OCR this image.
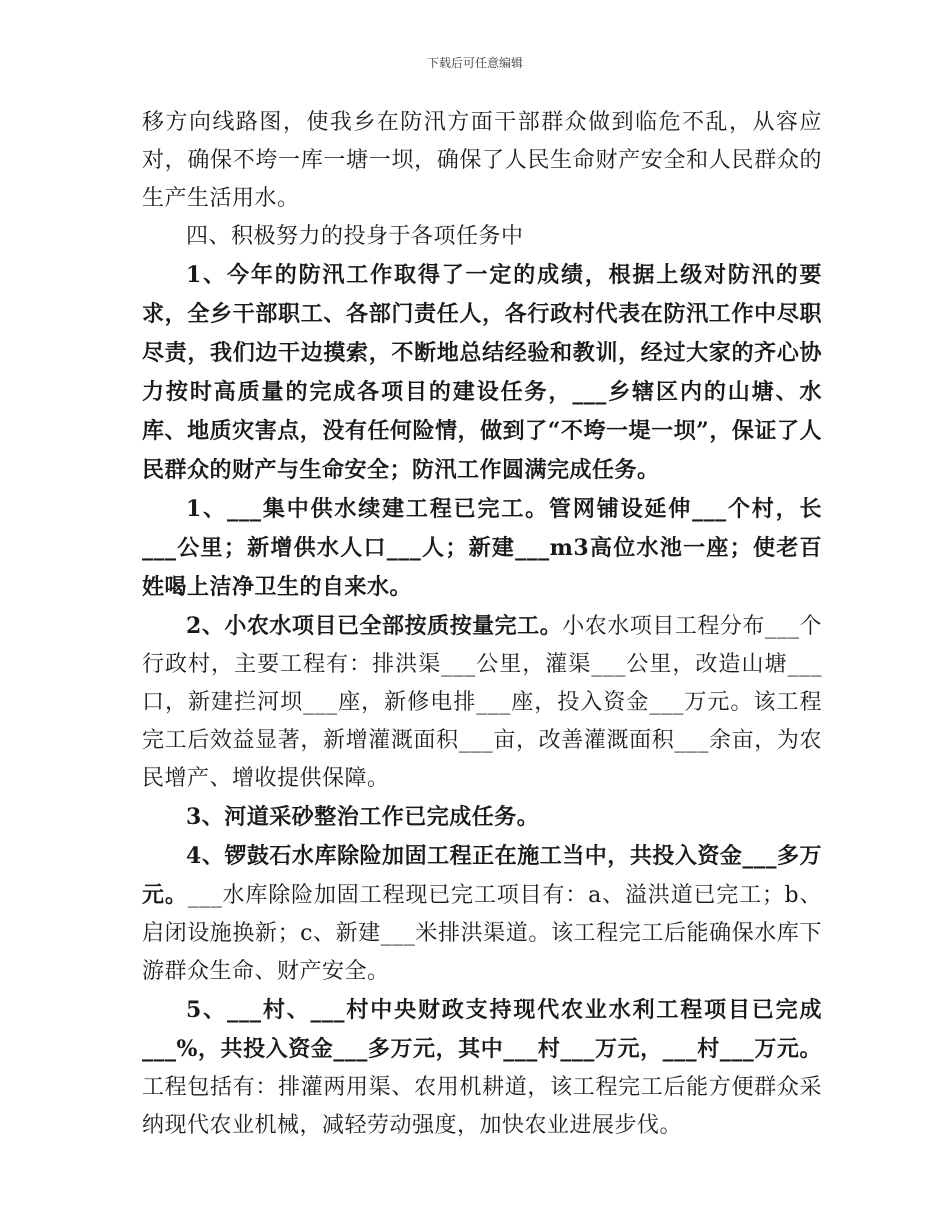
下载后可任意编辑

移方向线路图，使我乡在防汛方面干部群众做到临危不乱，从容应对，确保不垮一库一塘一坝，确保了人民生命财产安全和人民群众的生产生活用水。

四、积极努力的投身于各项任务中

1、今年的防汛工作取得了一定的成绩，根据上级对防汛的要求，全乡干部职工、各部门责任人，各行政村代表在防汛工作中尽职尽责，我们边干边摸索，不断地总结经验和教训，经过大家的齐心协力按时高质量的完成各项目的建设任务，___乡辖区内的山塘、水库、地质灾害点，没有任何险情，做到了“不垮一堤一坝”，保证了人民群众的财产与生命安全；防汛工作圆满完成任务。

1、___集中供水续建工程已完工。管网铺设延伸___个村，长___公里；新增供水人口___人；新建___m3高位水池一座；使老百姓喝上洁净卫生的自来水。

2、小农水项目已全部按质按量完工。小农水项目工程分布___个行政村，主要工程有：排洪渠___公里，灌渠___公里，改造山塘___口，新建拦河坝___座，新修电排___座，投入资金___万元。该工程完工后效益显著，新增灌溉面积___亩，改善灌溉面积___余亩，为农民增产、增收提供保障。

3、河道采砂整治工作已完成任务。

4、锣鼓石水库除险加固工程正在施工当中，共投入资金___多万元。___水库除险加固工程现已完工项目有：a、溢洪道已完工；b、启闭设施换新；c、新建___米排洪渠道。该工程完工后能确保水库下游群众生命、财产安全。

5、___村、___村中央财政支持现代农业水利工程项目已完成___%，共投入资金___多万元，其中___村___万元，___村___万元。工程包括有：排灌两用渠、农用机耕道，该工程完工后能方便群众采纳现代农业机械，减轻劳动强度，加快农业进展步伐。
